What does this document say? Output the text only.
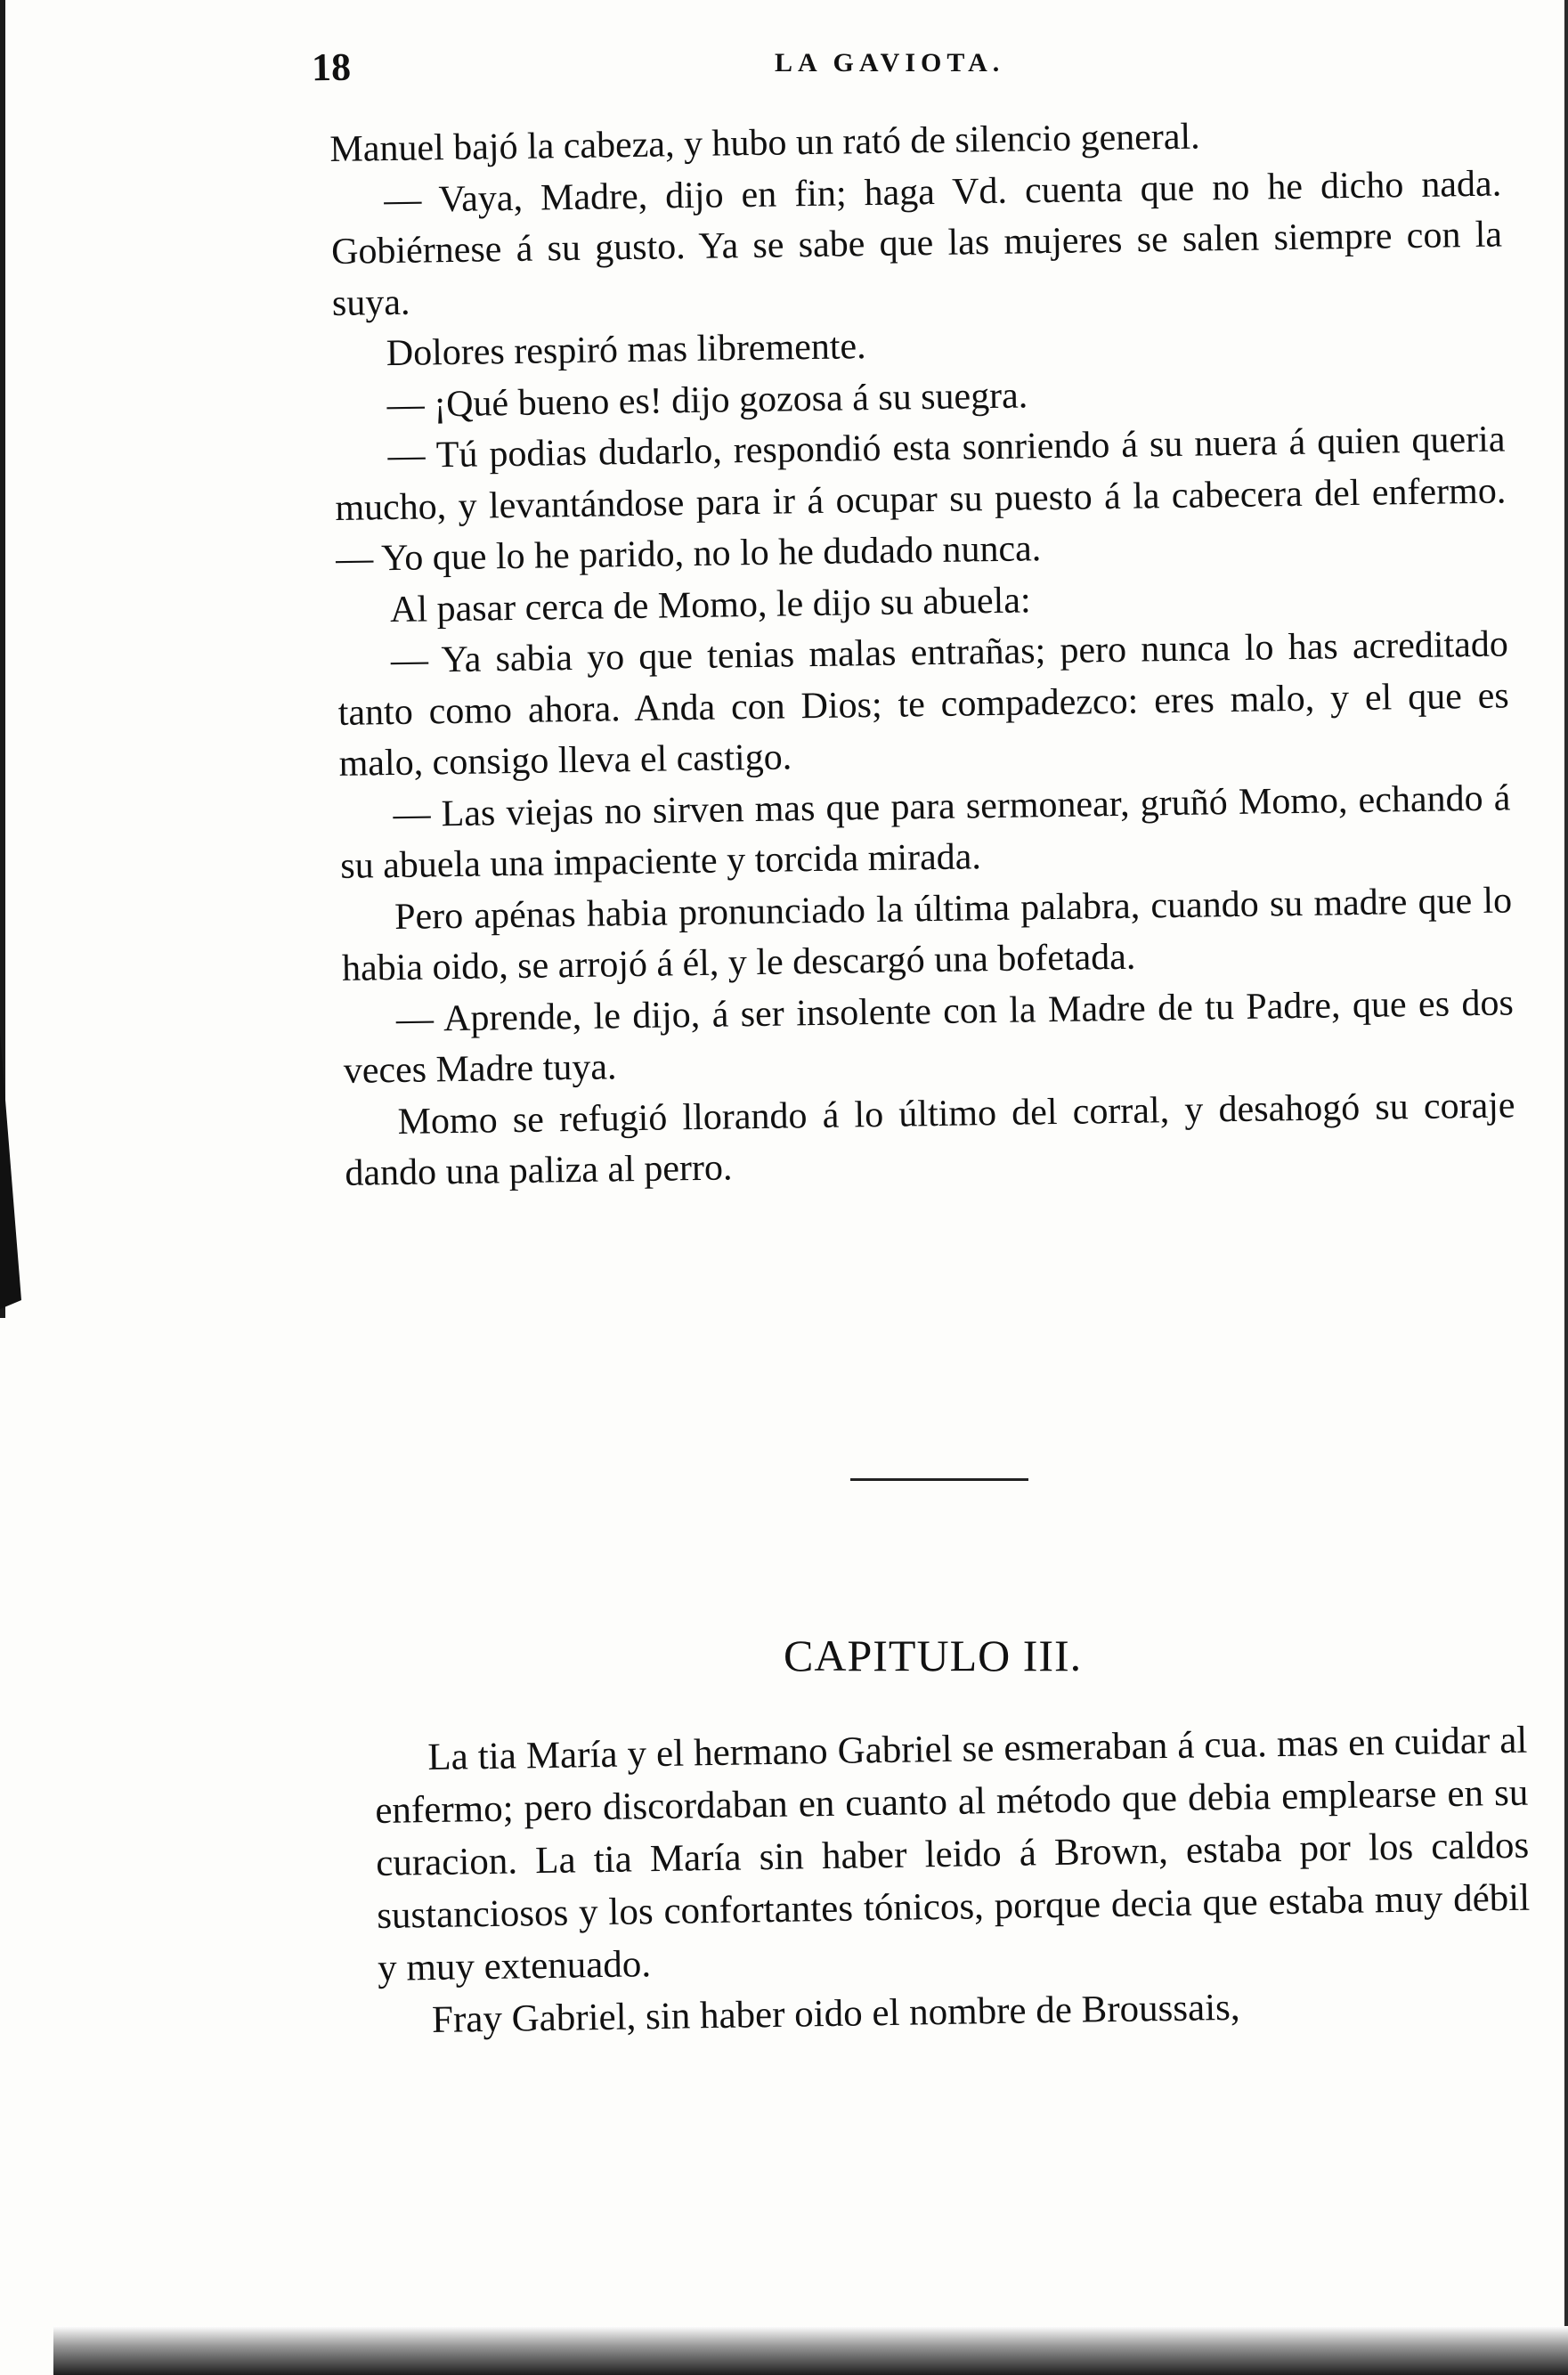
18	LA GAVIOTA.

Manuel bajó la cabeza, y hubo un rató de silencio general.

— Vaya, Madre, dijo en fin; haga Vd. cuenta que no he dicho nada. Gobiérnese á su gusto. Ya se sabe que las mujeres se salen siempre con la suya.

Dolores respiró mas libremente.

— ¡Qué bueno es! dijo gozosa á su suegra.

— Tú podias dudarlo, respondió esta sonriendo á su nuera á quien queria mucho, y levantándose para ir á ocupar su puesto á la cabecera del enfermo. — Yo que lo he parido, no lo he dudado nunca.

Al pasar cerca de Momo, le dijo su abuela:

— Ya sabia yo que tenias malas entrañas; pero nunca lo has acreditado tanto como ahora. Anda con Dios; te compadezco: eres malo, y el que es malo, consigo lleva el castigo.

— Las viejas no sirven mas que para sermonear, gruñó Momo, echando á su abuela una impaciente y torcida mirada.

Pero apénas habia pronunciado la última palabra, cuando su madre que lo habia oido, se arrojó á él, y le descargó una bofetada.

— Aprende, le dijo, á ser insolente con la Madre de tu Padre, que es dos veces Madre tuya.

Momo se refugió llorando á lo último del corral, y desahogó su coraje dando una paliza al perro.

CAPITULO III.

La tia María y el hermano Gabriel se esmeraban á cua. mas en cuidar al enfermo; pero discordaban en cuanto al método que debia emplearse en su curacion. La tia María sin haber leido á Brown, estaba por los caldos sustanciosos y los confortantes tónicos, porque decia que estaba muy débil y muy extenuado.

Fray Gabriel, sin haber oido el nombre de Broussais,
